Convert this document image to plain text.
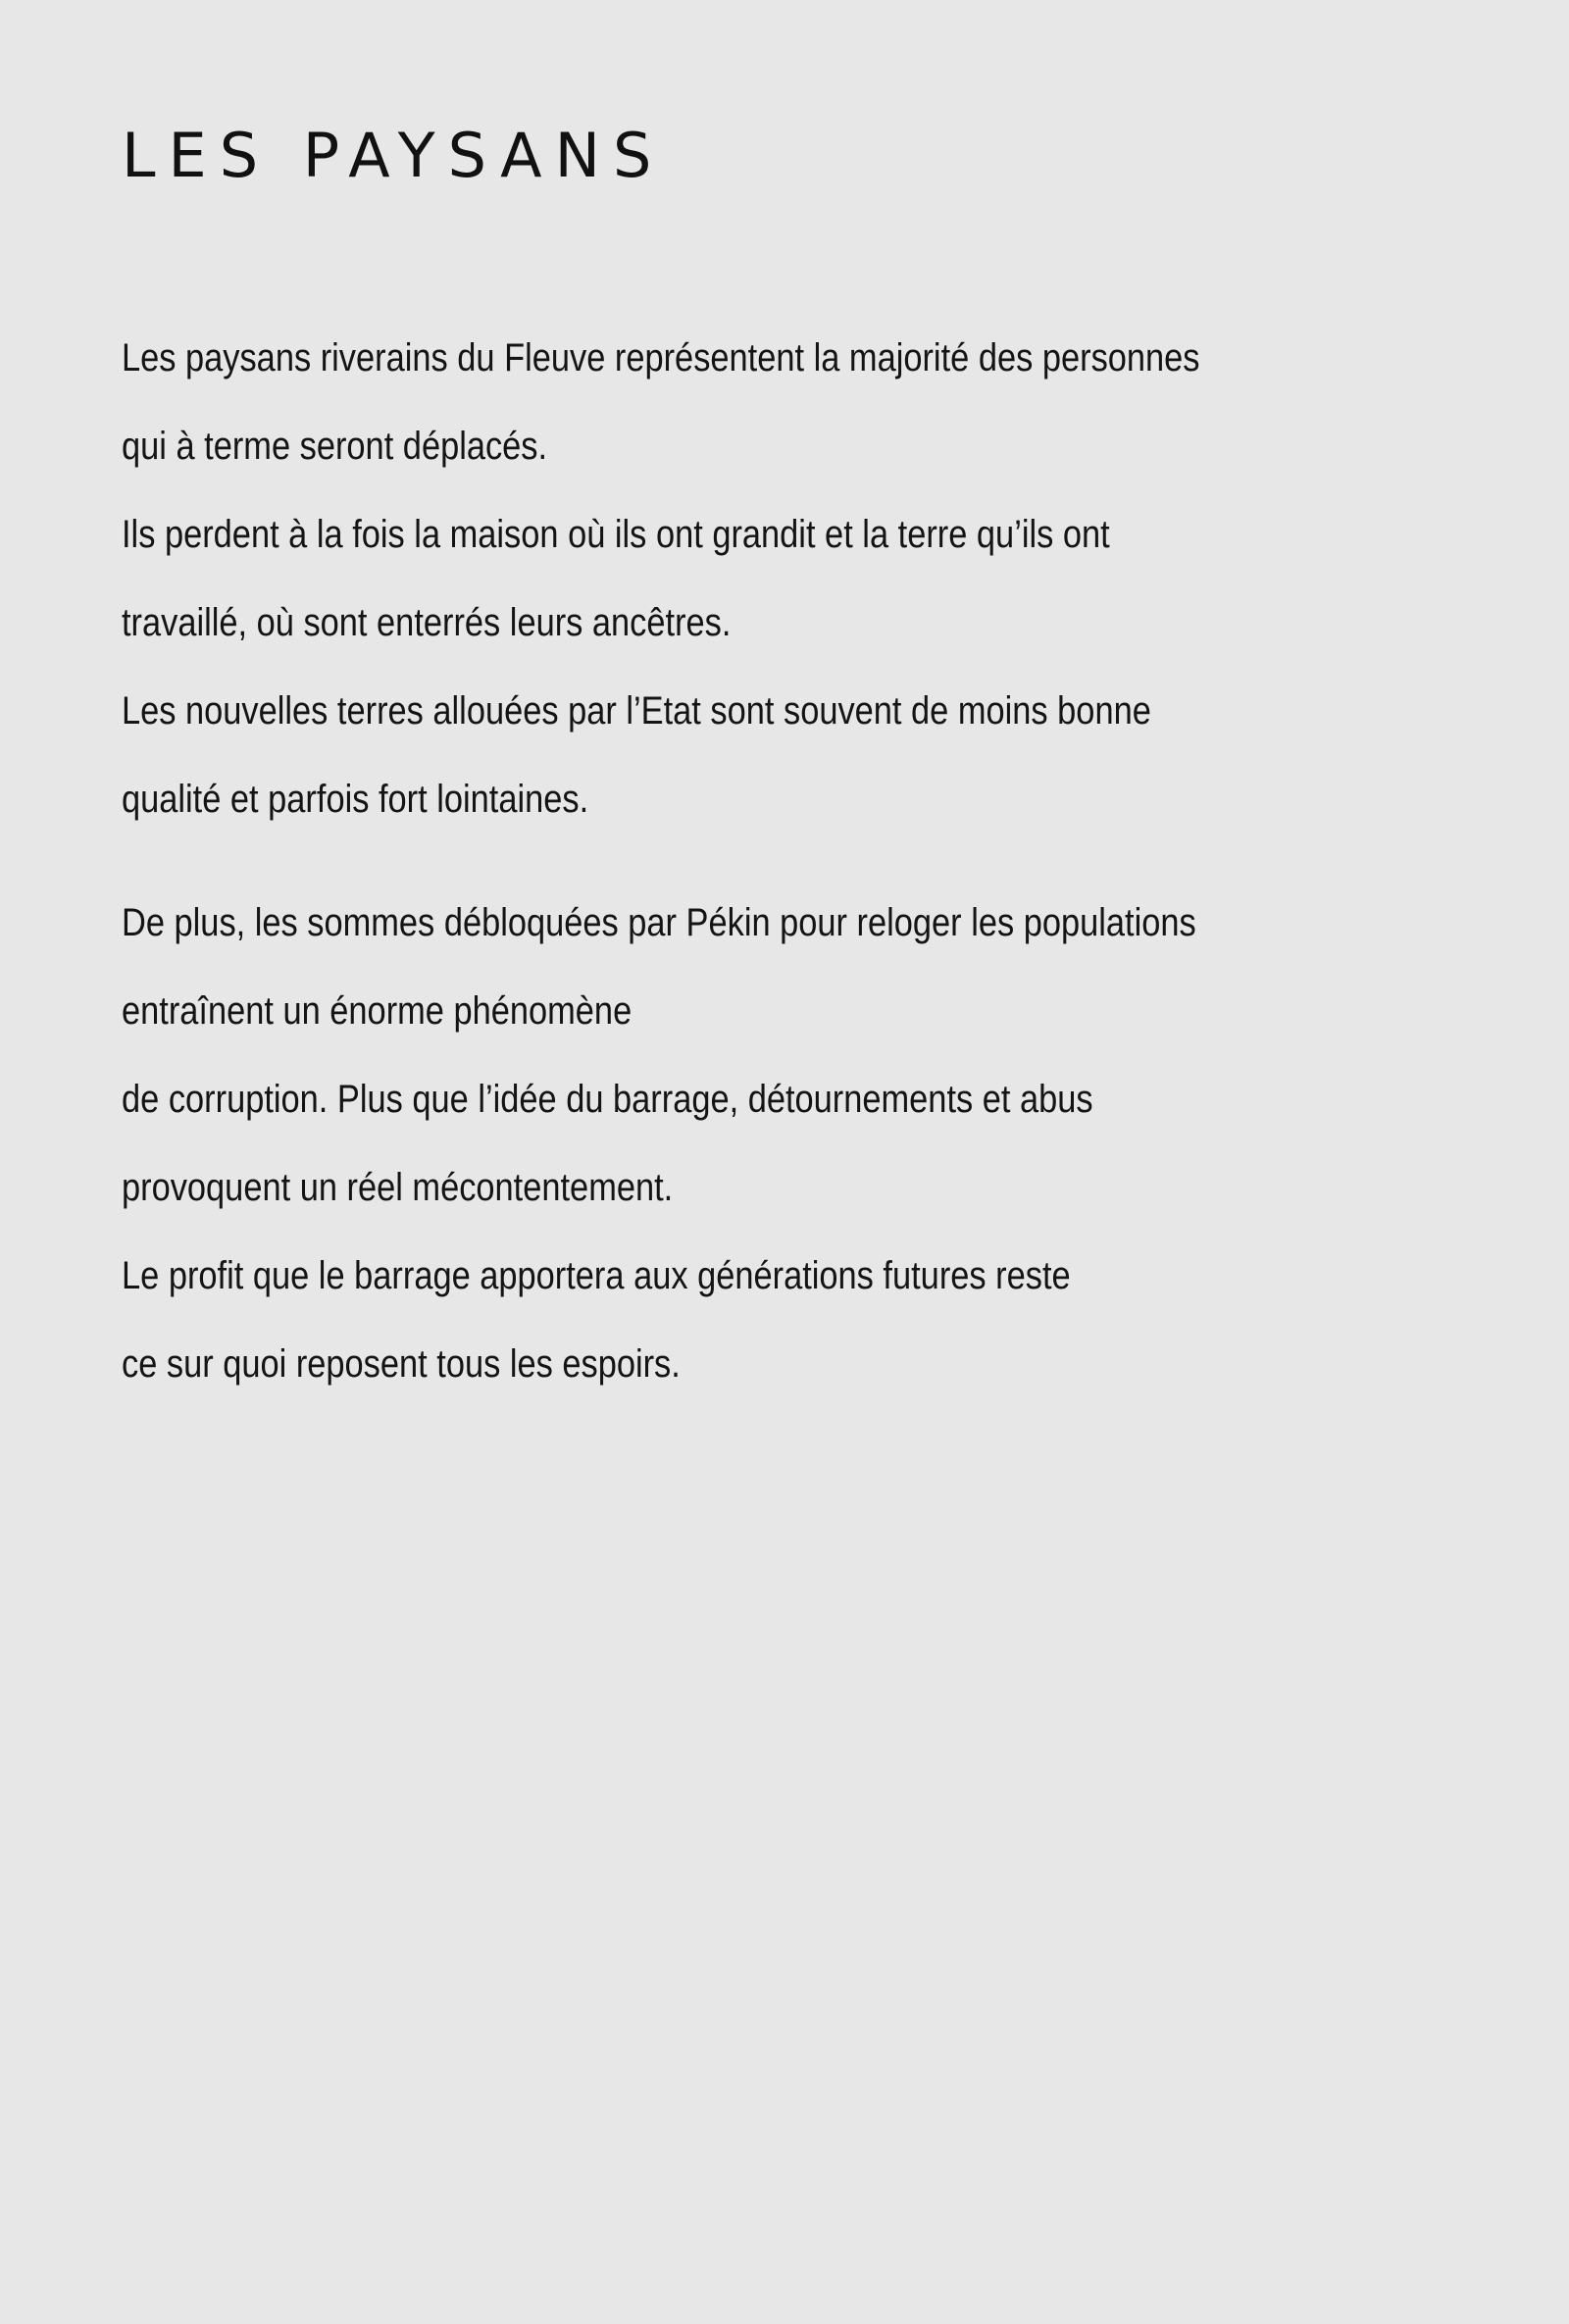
LES PAYSANS
Les paysans riverains du Fleuve représentent la majorité des personnes
qui à terme seront déplacés.
Ils perdent à la fois la maison où ils ont grandit et la terre qu’ils ont
travaillé, où sont enterrés leurs ancêtres.
Les nouvelles terres allouées par l’Etat sont souvent de moins bonne
qualité et parfois fort lointaines.
De plus, les sommes débloquées par Pékin pour reloger les populations
entraînent un énorme phénomène
de corruption. Plus que l’idée du barrage, détournements et abus
provoquent un réel mécontentement.
Le profit que le barrage apportera aux générations futures reste
ce sur quoi reposent tous les espoirs.
